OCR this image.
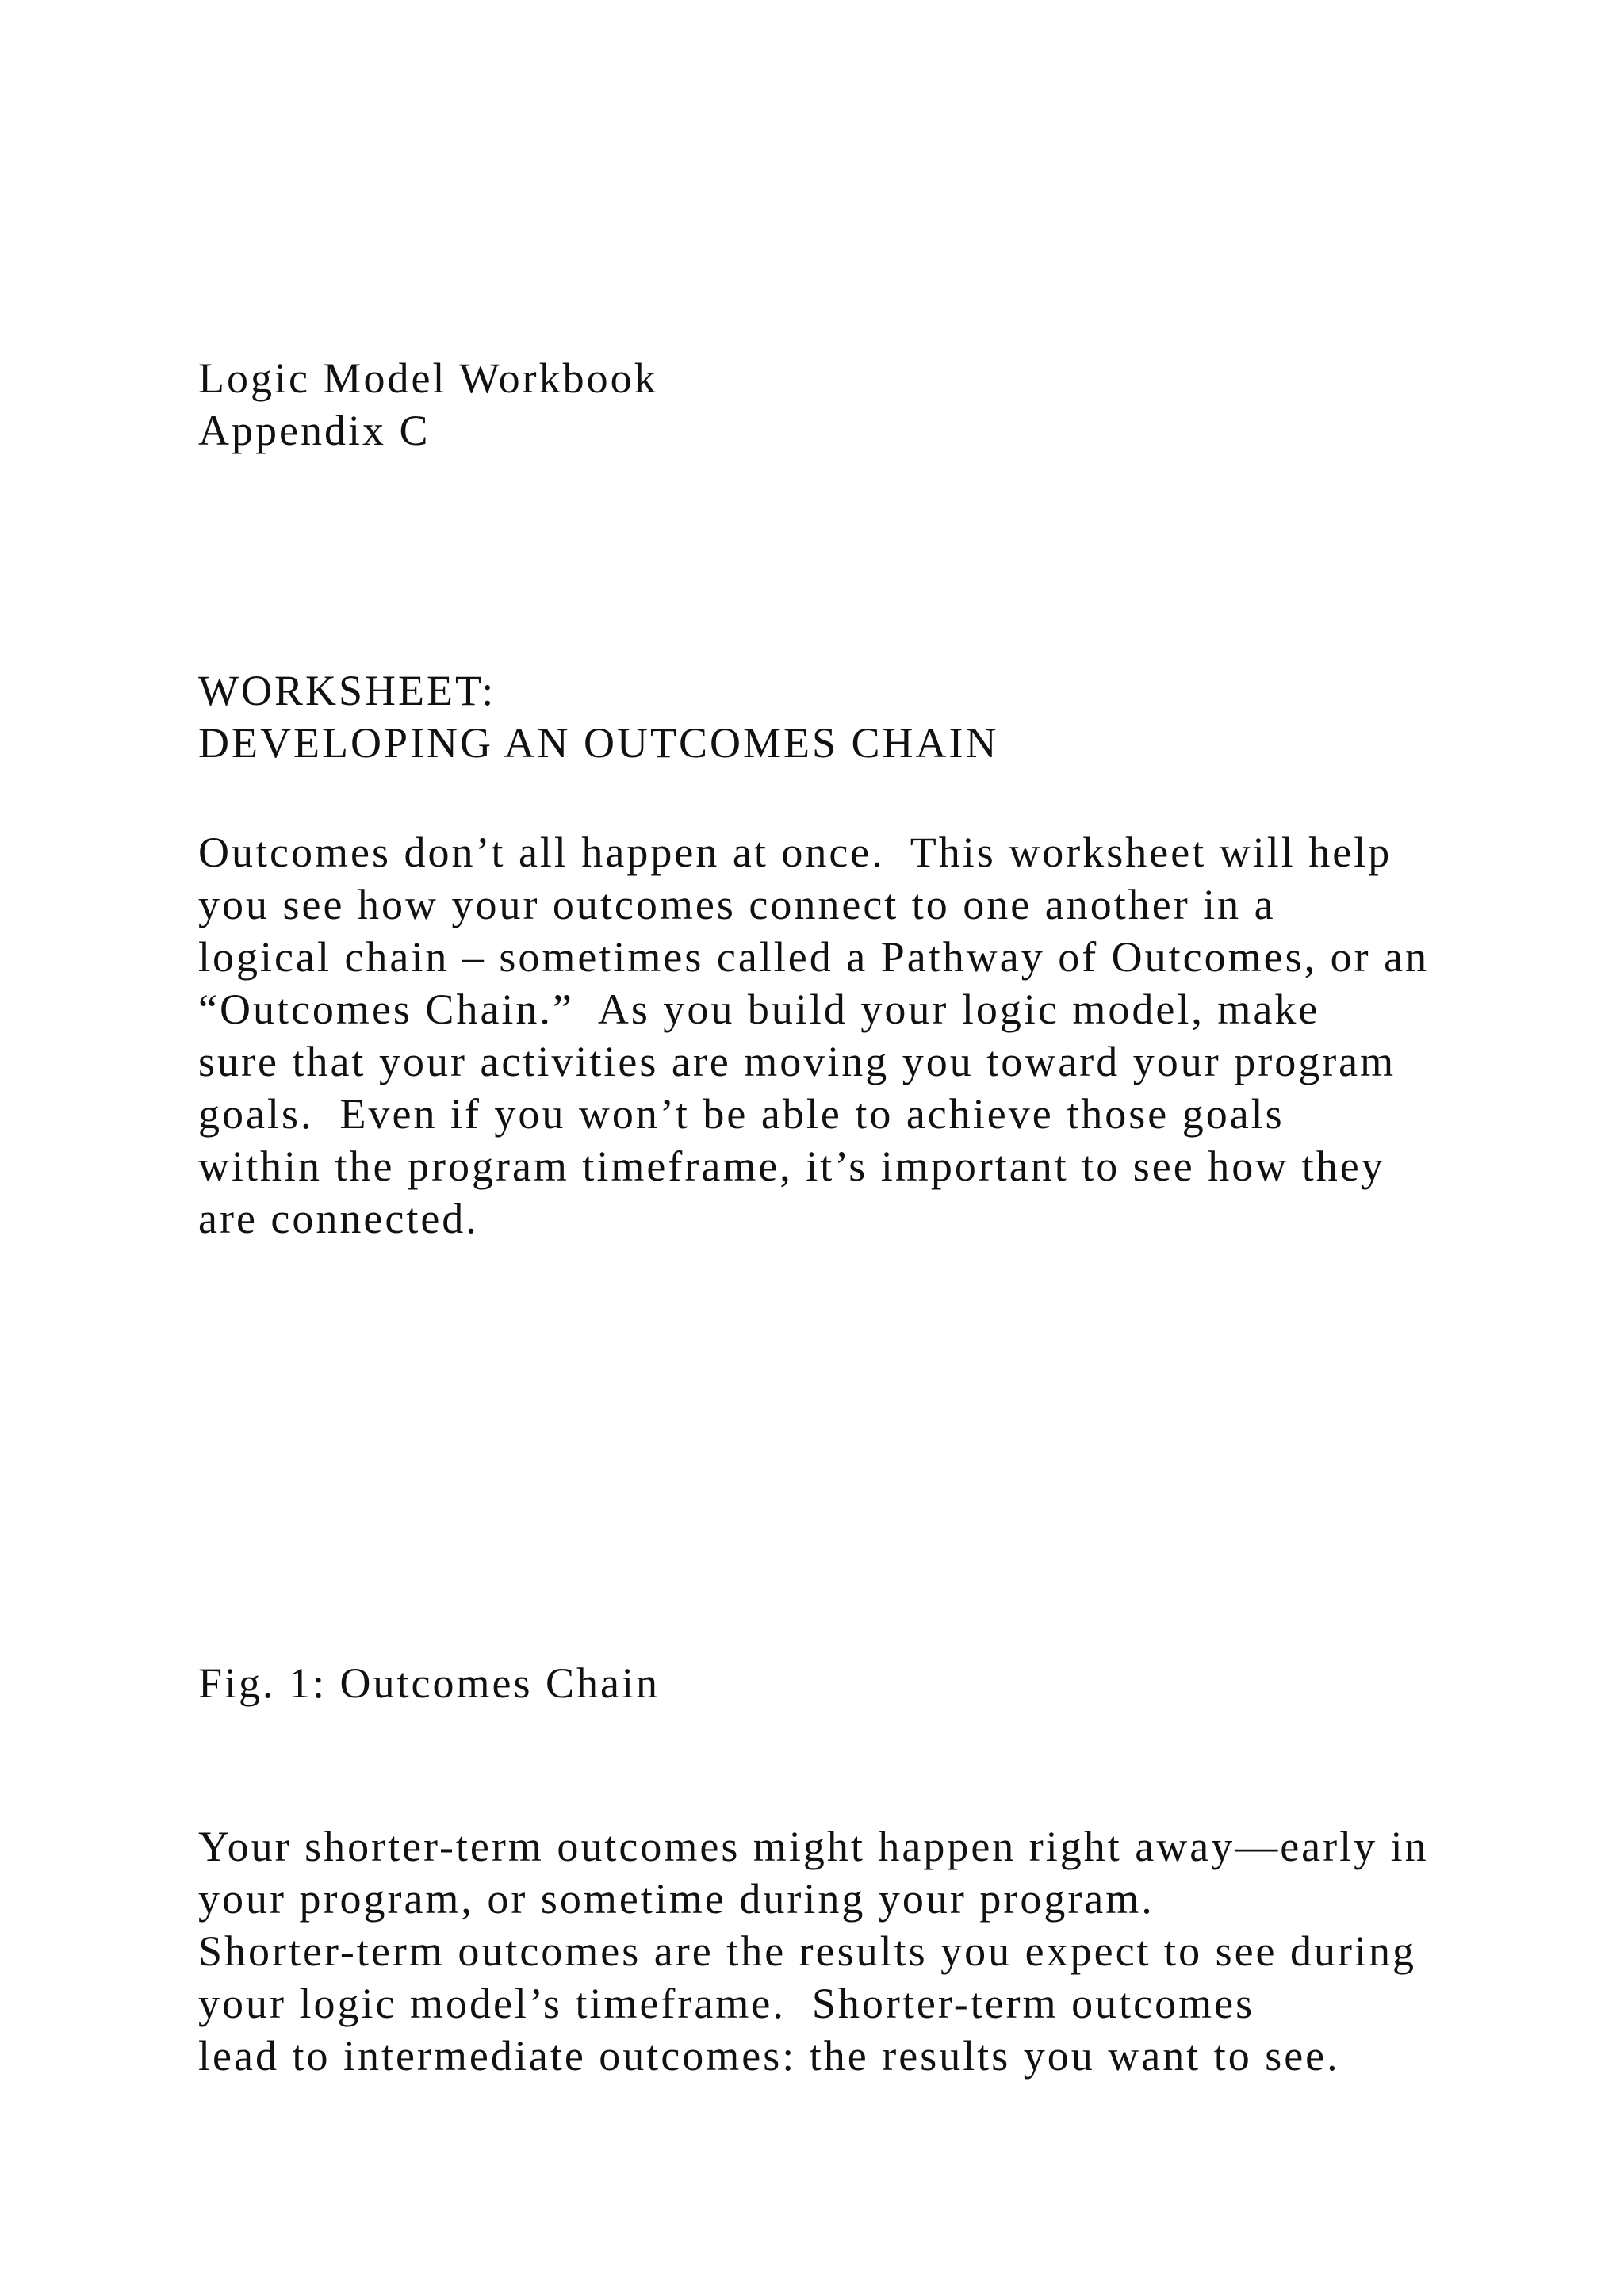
Logic Model Workbook
Appendix C
WORKSHEET:
DEVELOPING AN OUTCOMES CHAIN
Outcomes don’t all happen at once.  This worksheet will help
you see how your outcomes connect to one another in a
logical chain – sometimes called a Pathway of Outcomes, or an
“Outcomes Chain.”  As you build your logic model, make
sure that your activities are moving you toward your program
goals.  Even if you won’t be able to achieve those goals
within the program timeframe, it’s important to see how they
are connected.
Fig. 1: Outcomes Chain
Your shorter-term outcomes might happen right away—early in
your program, or sometime during your program.
Shorter-term outcomes are the results you expect to see during
your logic model’s timeframe.  Shorter-term outcomes
lead to intermediate outcomes: the results you want to see.
